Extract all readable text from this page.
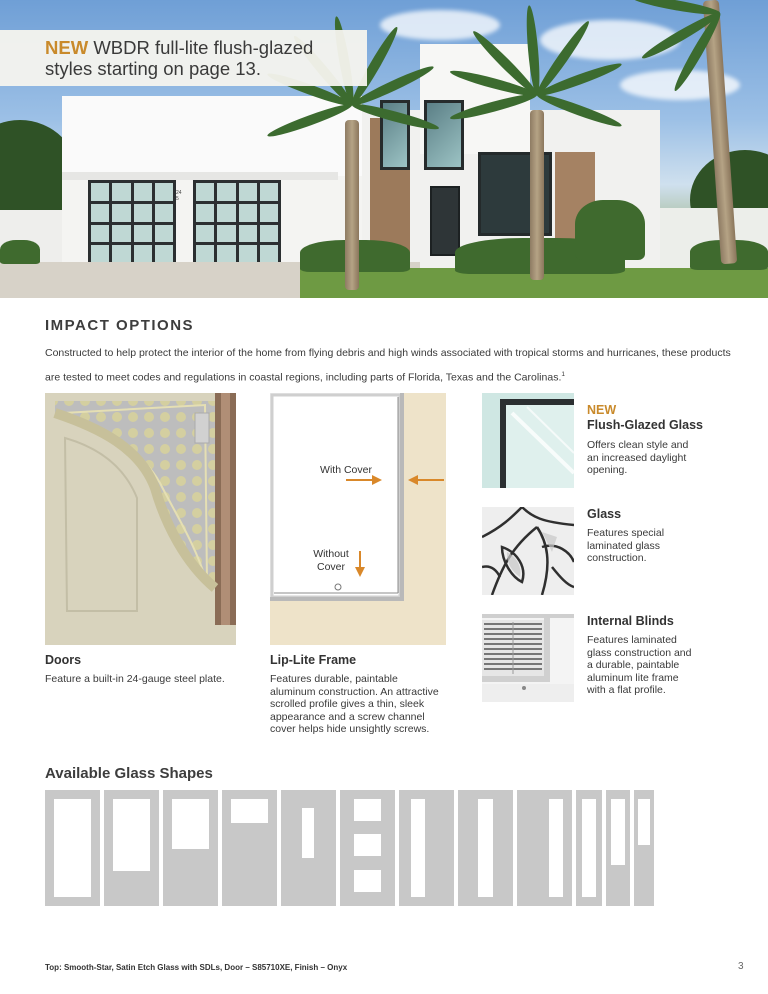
245

NEW WBDR full-lite flush-glazed

styles starting on page 13.

IMPACT OPTIONS

Constructed to help protect the interior of the home from flying debris and high winds associated with tropical storms and hurricanes, these products are tested to meet codes and regulations in coastal regions, including parts of Florida, Texas and the Carolinas.$^1$

Doors
Feature a built-in 24-gauge steel plate.
With Cover
Without
Cover
Lip-Lite Frame
Features durable, paintable
aluminum construction. An attractive
scrolled profile gives a thin, sleek
appearance and a screw channel
cover helps hide unsightly screws.
NEW
Flush-Glazed Glass
Offers clean style and
an increased daylight
opening.
Glass
Features special
laminated glass
construction.
Internal Blinds
Features laminated
glass construction and
a durable, paintable
aluminum lite frame
with a flat profile.
Available Glass Shapes
Top: Smooth-Star, Satin Etch Glass with SDLs, Door – S85710XE, Finish – Onyx	3
